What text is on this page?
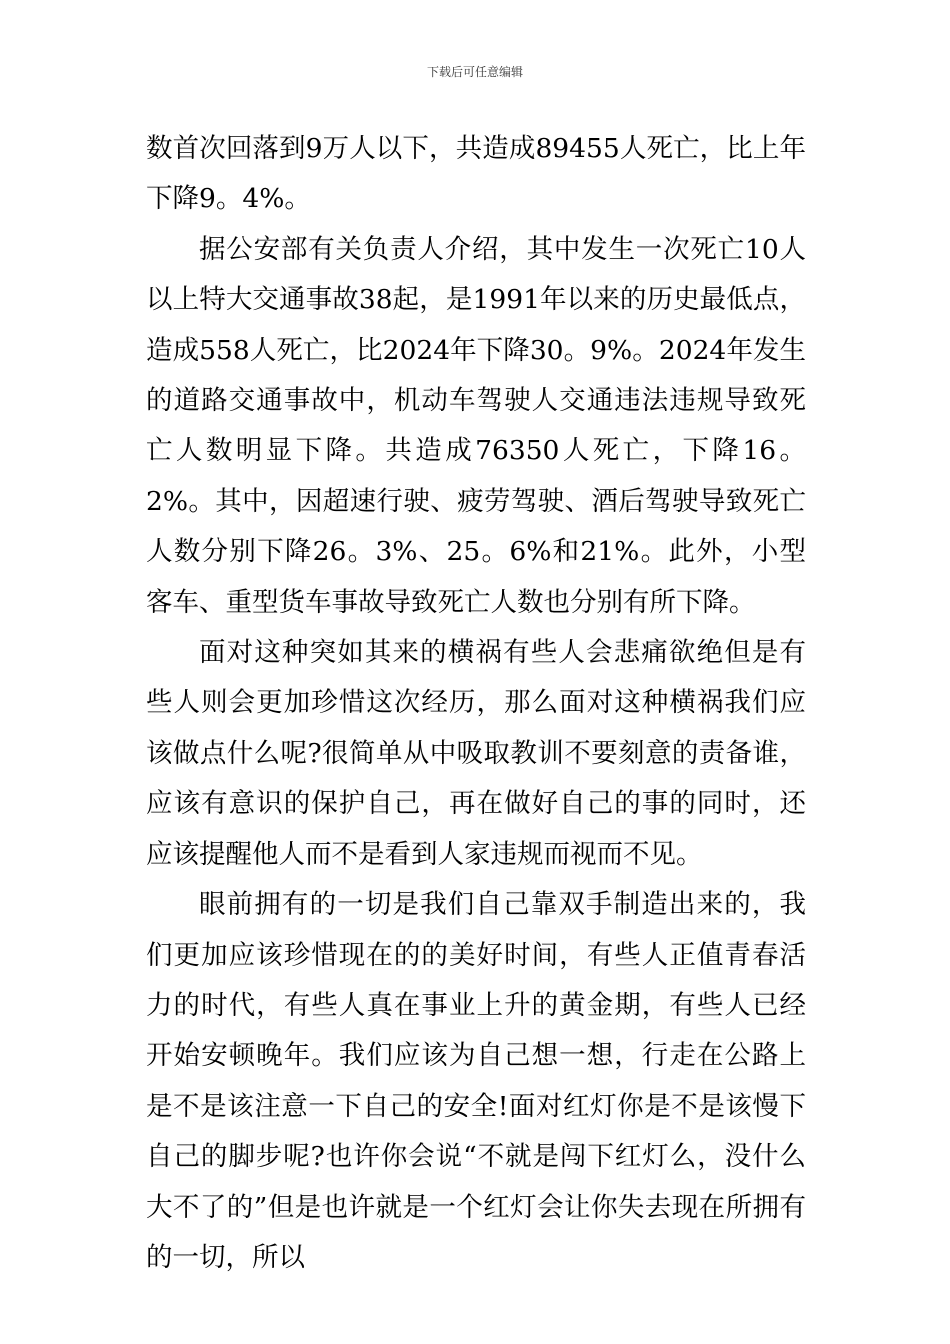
下载后可任意编辑

数首次回落到9万人以下，共造成89455人死亡，比上年下降9。4%。

据公安部有关负责人介绍，其中发生一次死亡10人以上特大交通事故38起，是1991年以来的历史最低点，造成558人死亡，比2024年下降30。9%。2024年发生的道路交通事故中，机动车驾驶人交通违法违规导致死亡人数明显下降。共造成76350人死亡，下降16。2%。其中，因超速行驶、疲劳驾驶、酒后驾驶导致死亡人数分别下降26。3%、25。6%和21%。此外，小型客车、重型货车事故导致死亡人数也分别有所下降。

面对这种突如其来的横祸有些人会悲痛欲绝但是有些人则会更加珍惜这次经历，那么面对这种横祸我们应该做点什么呢?很简单从中吸取教训不要刻意的责备谁，应该有意识的保护自己，再在做好自己的事的同时，还应该提醒他人而不是看到人家违规而视而不见。

眼前拥有的一切是我们自己靠双手制造出来的，我们更加应该珍惜现在的的美好时间，有些人正值青春活力的时代，有些人真在事业上升的黄金期，有些人已经开始安顿晚年。我们应该为自己想一想，行走在公路上是不是该注意一下自己的安全!面对红灯你是不是该慢下自己的脚步呢?也许你会说“不就是闯下红灯么，没什么大不了的”但是也许就是一个红灯会让你失去现在所拥有的一切，所以
